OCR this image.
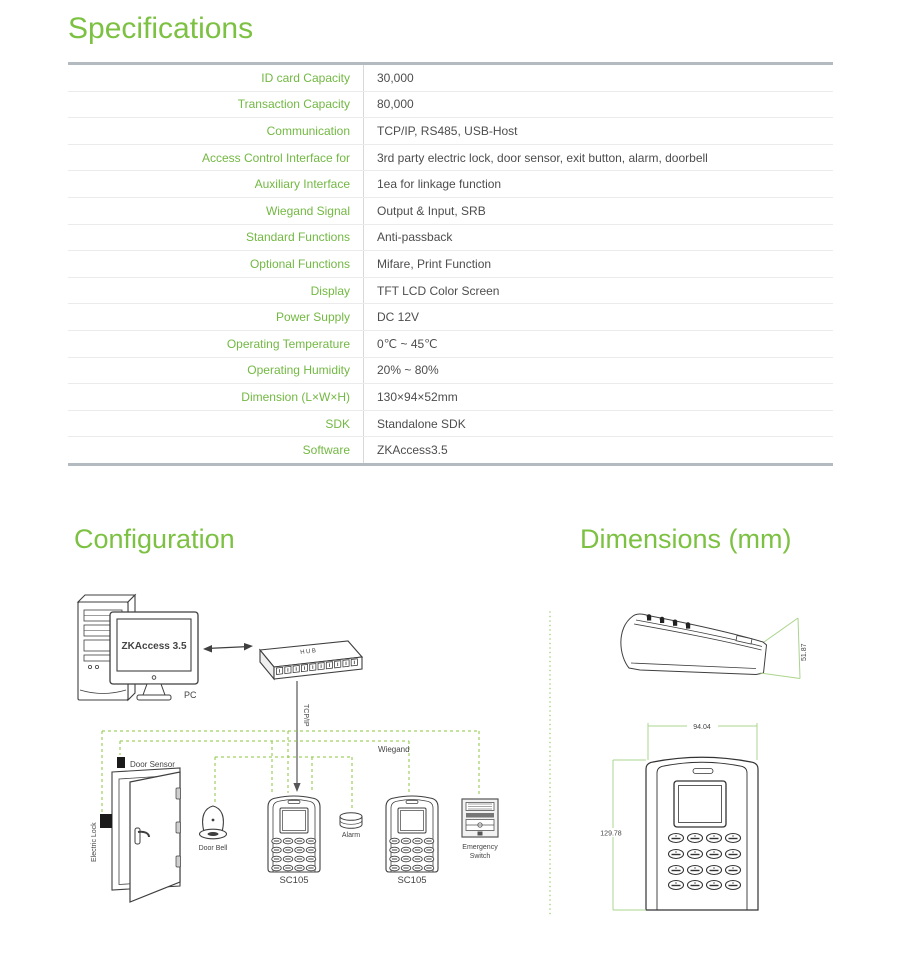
Specifications
ID card Capacity	30,000
Transaction Capacity	80,000
Communication	TCP/IP, RS485, USB-Host
Access Control Interface for	3rd party electric lock, door sensor, exit button, alarm, doorbell
Auxiliary Interface	1ea for linkage function
Wiegand Signal	Output & Input, SRB
Standard Functions	Anti-passback
Optional Functions	Mifare, Print Function
Display	TFT LCD Color Screen
Power Supply	DC 12V
Operating Temperature	0℃ ~ 45℃
Operating Humidity	20% ~ 80%
Dimension (L×W×H)	130×94×52mm
SDK	Standalone SDK
Software	ZKAccess3.5
Configuration	Dimensions (mm)
ZKAccess 3.5
PC
HUB
TCP/IP
Wiegand
Door Sensor
Electric Lock	Door Bell
SC105
Alarm
SC105
Emergency
Switch
51.87
94.04
129.78
